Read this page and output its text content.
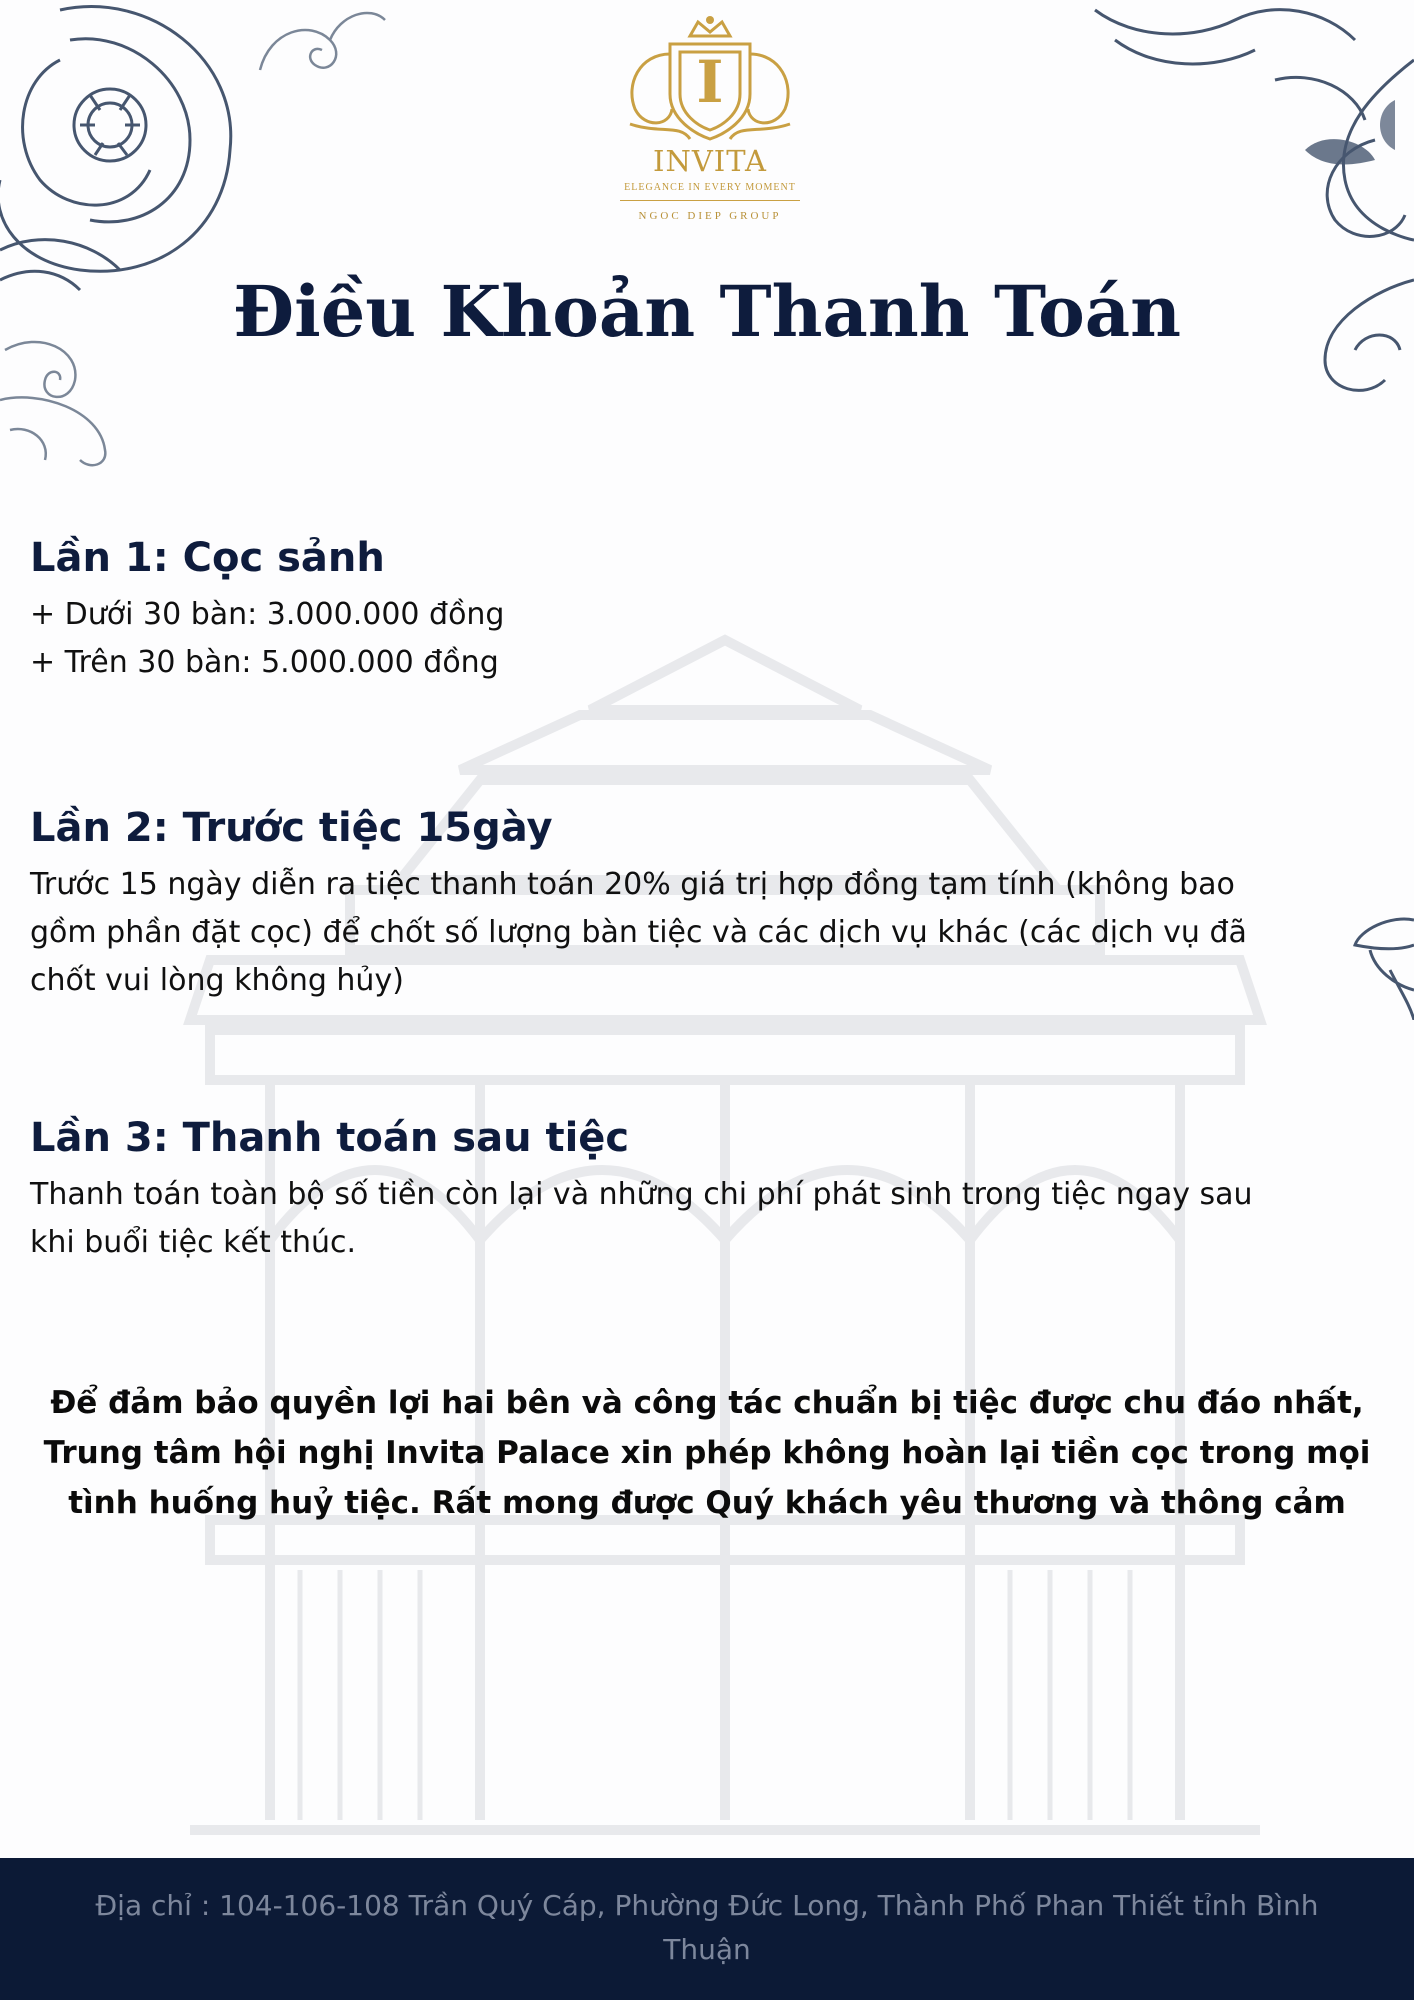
I
INVITA
ELEGANCE IN EVERY MOMENT
NGOC DIEP GROUP
Điều Khoản Thanh Toán
Lần 1: Cọc sảnh

+ Dưới 30 bàn: 3.000.000 đồng

+ Trên 30 bàn: 5.000.000 đồng

Lần 2: Trước tiệc 15gày

Trước 15 ngày diễn ra tiệc thanh toán 20% giá trị hợp đồng tạm tính (không bao

gồm phần đặt cọc) để chốt số lượng bàn tiệc và các dịch vụ khác (các dịch vụ đã

chốt vui lòng không hủy)

Lần 3: Thanh toán sau tiệc

Thanh toán toàn bộ số tiền còn lại và những chi phí phát sinh trong tiệc ngay sau

khi buổi tiệc kết thúc.

Để đảm bảo quyền lợi hai bên và công tác chuẩn bị tiệc được chu đáo nhất,
Trung tâm hội nghị Invita Palace xin phép không hoàn lại tiền cọc trong mọi
tình huống huỷ tiệc. Rất mong được Quý khách yêu thương và thông cảm
Địa chỉ : 104-106-108 Trần Quý Cáp, Phường Đức Long, Thành Phố Phan Thiết tỉnh Bình
Thuận
